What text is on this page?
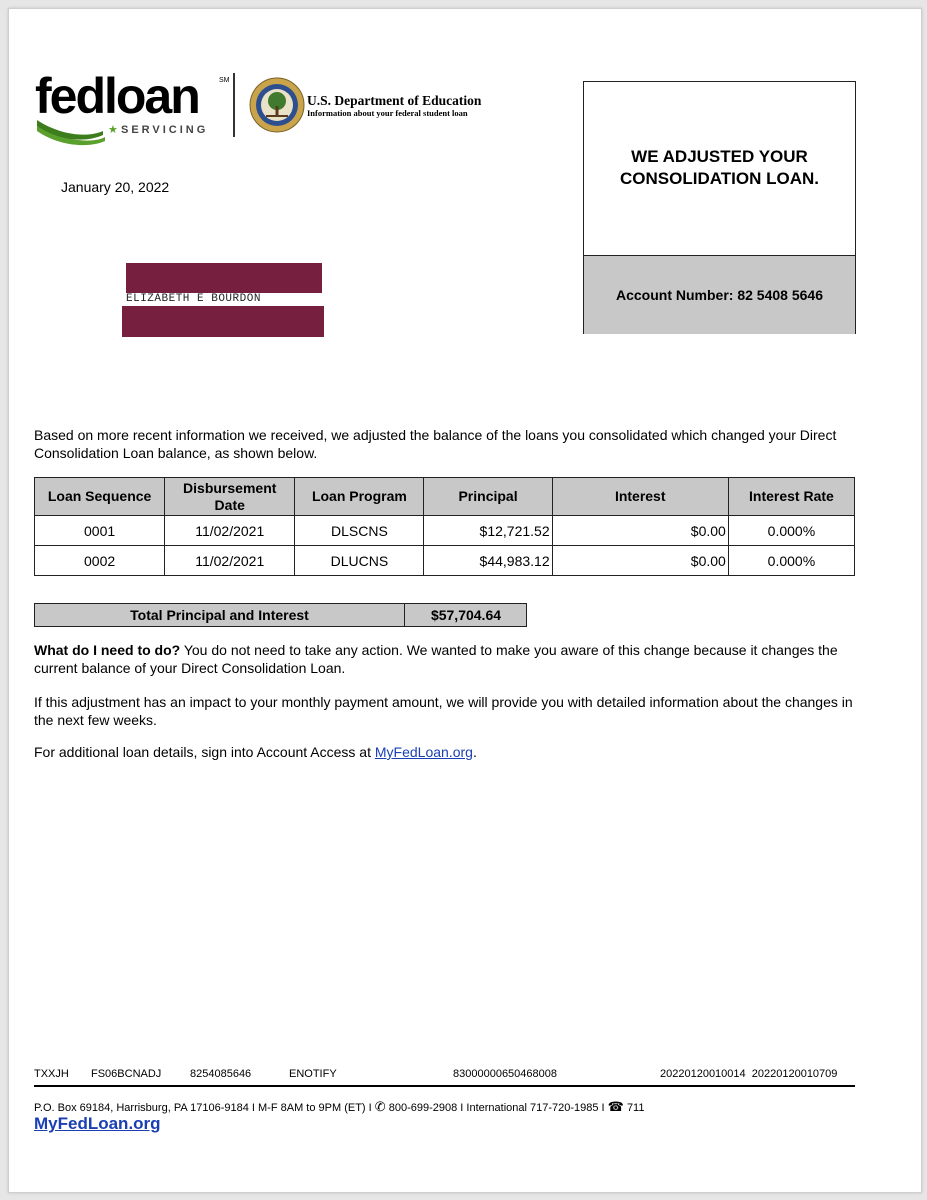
fedloan	SM
★ SERVICING
U.S. Department of Education
Information about your federal student loan
January 20, 2022
ELIZABETH E BOURDON
WE ADJUSTED YOUR CONSOLIDATION LOAN.
Account Number:
82 5408 5646
Based on more recent information we received, we adjusted the balance of the loans you consolidated which changed your Direct Consolidation Loan balance, as shown below.
Loan Sequence	Disbursement Date	Loan Program	Principal	Interest	Interest Rate
0001	11/02/2021	DLSCNS	$12,721.52	$0.00	0.000%
0002	11/02/2021	DLUCNS	$44,983.12	$0.00	0.000%
Total Principal and Interest	$57,704.64
What do I need to do? You do not need to take any action. We wanted to make you aware of this change because it changes the current balance of your Direct Consolidation Loan.
If this adjustment has an impact to your monthly payment amount, we will provide you with detailed information about the changes in the next few weeks.
For additional loan details, sign into Account Access at MyFedLoan.org.
TXXJH FS06BCNADJ	8254085646	ENOTIFY	83000000650468008	20220120010014  20220120010709
P.O. Box 69184, Harrisburg, PA 17106-9184 I M-F 8AM to 9PM (ET) I ✆ 800-699-2908 I International 717-720-1985 I ☎ 711
MyFedLoan.org
